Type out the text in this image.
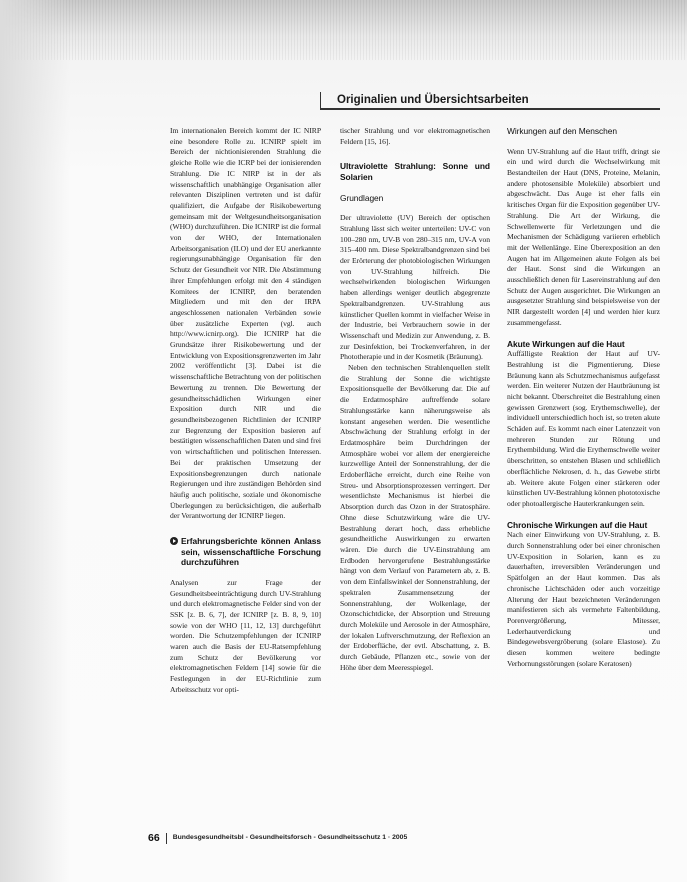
Originalien und Übersichtsarbeiten

Im internationalen Bereich kommt der IC NIRP eine besondere Rolle zu. ICNIRP spielt im Bereich der nichtionisierenden Strahlung die gleiche Rolle wie die ICRP bei der ionisierenden Strahlung. Die IC NIRP ist in der als wissenschaftlich unabhängige Organisation aller relevanten Disziplinen vertreten und ist dafür qualifiziert, die Aufgabe der Risikobewertung gemeinsam mit der Weltgesundheitsorganisation (WHO) durchzuführen. Die ICNIRP ist die formal von der WHO, der Internationalen Arbeitsorganisation (ILO) und der EU anerkannte regierungsunabhängige Organisation für den Schutz der Gesundheit vor NIR. Die Abstimmung ihrer Empfehlungen erfolgt mit den 4 ständigen Komitees der ICNIRP, den beratenden Mitgliedern und mit den der IRPA angeschlossenen nationalen Verbänden sowie über zusätzliche Experten (vgl. auch http://www.icnirp.org). Die ICNIRP hat die Grundsätze ihrer Risikobewertung und der Entwicklung von Expositionsgrenzwerten im Jahr 2002 veröffentlicht [3]. Dabei ist die wissenschaftliche Betrachtung von der politischen Bewertung zu trennen. Die Bewertung der gesundheitsschädlichen Wirkungen einer Exposition durch NIR und die gesundheitsbezogenen Richtlinien der ICNIRP zur Begrenzung der Exposition basieren auf bestätigten wissenschaftlichen Daten und sind frei von wirtschaftlichen und politischen Interessen. Bei der praktischen Umsetzung der Expositionsbegrenzungen durch nationale Regierungen und ihre zuständigen Behörden sind häufig auch politische, soziale und ökonomische Überlegungen zu berücksichtigen, die außerhalb der Verantwortung der ICNIRP liegen.

Erfahrungsberichte können Anlass sein, wissenschaftliche Forschung durchzuführen

Analysen zur Frage der Gesundheitsbeeinträchtigung durch UV-Strahlung und durch elektromagnetische Felder sind von der SSK [z. B. 6, 7], der ICNIRP [z. B. 8, 9, 10] sowie von der WHO [11, 12, 13] durchgeführt worden. Die Schutzempfehlungen der ICNIRP waren auch die Basis der EU-Ratsempfehlung zum Schutz der Bevölkerung vor elektromagnetischen Feldern [14] sowie für die Festlegungen in der EU-Richtlinie zum Arbeitsschutz vor opti-

tischer Strahlung und vor elektromagnetischen Feldern [15, 16].

Ultraviolette Strahlung: Sonne und Solarien
Grundlagen

Der ultraviolette (UV) Bereich der optischen Strahlung lässt sich weiter unterteilen: UV-C von 100–280 nm, UV-B von 280–315 nm, UV-A von 315–400 nm. Diese Spektralbandgrenzen sind bei der Erörterung der photobiologischen Wirkungen von UV-Strahlung hilfreich. Die wechselwirkenden biologischen Wirkungen haben allerdings weniger deutlich abgegrenzte Spektralbandgrenzen. UV-Strahlung aus künstlicher Quellen kommt in vielfacher Weise in der Industrie, bei Verbrauchern sowie in der Wissenschaft und Medizin zur Anwendung, z. B. zur Desinfektion, bei Trockenverfahren, in der Phototherapie und in der Kosmetik (Bräunung).

Neben den technischen Strahlenquellen stellt die Strahlung der Sonne die wichtigste Expositionsquelle der Bevölkerung dar. Die auf die Erdatmosphäre auftreffende solare Strahlungsstärke kann näherungsweise als konstant angesehen werden. Die wesentliche Abschwächung der Strahlung erfolgt in der Erdatmosphäre beim Durchdringen der Atmosphäre wobei vor allem der energiereiche kurzwellige Anteil der Sonnenstrahlung, der die Erdoberfläche erreicht, durch eine Reihe von Streu- und Absorptionsprozessen verringert. Der wesentlichste Mechanismus ist hierbei die Absorption durch das Ozon in der Stratosphäre. Ohne diese Schutzwirkung wäre die UV-Bestrahlung derart hoch, dass erhebliche gesundheitliche Auswirkungen zu erwarten wären. Die durch die UV-Einstrahlung am Erdboden hervorgerufene Bestrahlungsstärke hängt von dem Verlauf von Parametern ab, z. B. von dem Einfallswinkel der Sonnenstrahlung, der spektralen Zusammensetzung der Sonnenstrahlung, der Wolkenlage, der Ozonschichtdicke, der Absorption und Streuung durch Moleküle und Aerosole in der Atmosphäre, der lokalen Luftverschmutzung, der Reflexion an der Erdoberfläche, der evtl. Abschattung, z. B. durch Gebäude, Pflanzen etc., sowie von der Höhe über dem Meeresspiegel.

Wirkungen auf den Menschen

Wenn UV-Strahlung auf die Haut trifft, dringt sie ein und wird durch die Wechselwirkung mit Bestandteilen der Haut (DNS, Proteine, Melanin, andere photosensible Moleküle) absorbiert und abgeschwächt. Das Auge ist eher falls ein kritisches Organ für die Exposition gegenüber UV-Strahlung. Die Art der Wirkung, die Schwellenwerte für Verletzungen und die Mechanismen der Schädigung variieren erheblich mit der Wellenlänge. Eine Überexposition an den Augen hat im Allgemeinen akute Folgen als bei der Haut. Sonst sind die Wirkungen an ausschließlich denen für Lasereinstrahlung auf den Schutz der Augen ausgerichtet. Die Wirkungen an ausgesetzter Strahlung sind beispielsweise von der NIR dargestellt worden [4] und werden hier kurz zusammengefasst.

Akute Wirkungen auf die Haut

Auffälligste Reaktion der Haut auf UV-Bestrahlung ist die Pigmentierung. Diese Bräunung kann als Schutzmechanismus aufgefasst werden. Ein weiterer Nutzen der Hautbräunung ist nicht bekannt. Überschreitet die Bestrahlung einen gewissen Grenzwert (sog. Erythemschwelle), der individuell unterschiedlich hoch ist, so treten akute Schäden auf. Es kommt nach einer Latenzzeit von mehreren Stunden zur Rötung und Erythembildung. Wird die Erythemschwelle weiter überschritten, so entstehen Blasen und schließlich oberflächliche Nekrosen, d. h., das Gewebe stirbt ab. Weitere akute Folgen einer stärkeren oder künstlichen UV-Bestrahlung können phototoxische oder photoallergische Hauterkrankungen sein.

Chronische Wirkungen auf die Haut

Nach einer Einwirkung von UV-Strahlung, z. B. durch Sonnenstrahlung oder bei einer chronischen UV-Exposition in Solarien, kann es zu dauerhaften, irreversiblen Veränderungen und Spätfolgen an der Haut kommen. Das als chronische Lichtschäden oder auch vorzeitige Alterung der Haut bezeichneten Veränderungen manifestieren sich als vermehrte Faltenbildung, Porenvergrößerung, Mitesser, Lederhautverdickung und Bindegewebsvergröberung (solare Elastose). Zu diesen kommen weitere bedingte Verhornungsstörungen (solare Keratosen)

66 Bundesgesundheitsbl - Gesundheitsforsch - Gesundheitsschutz 1 · 2005
